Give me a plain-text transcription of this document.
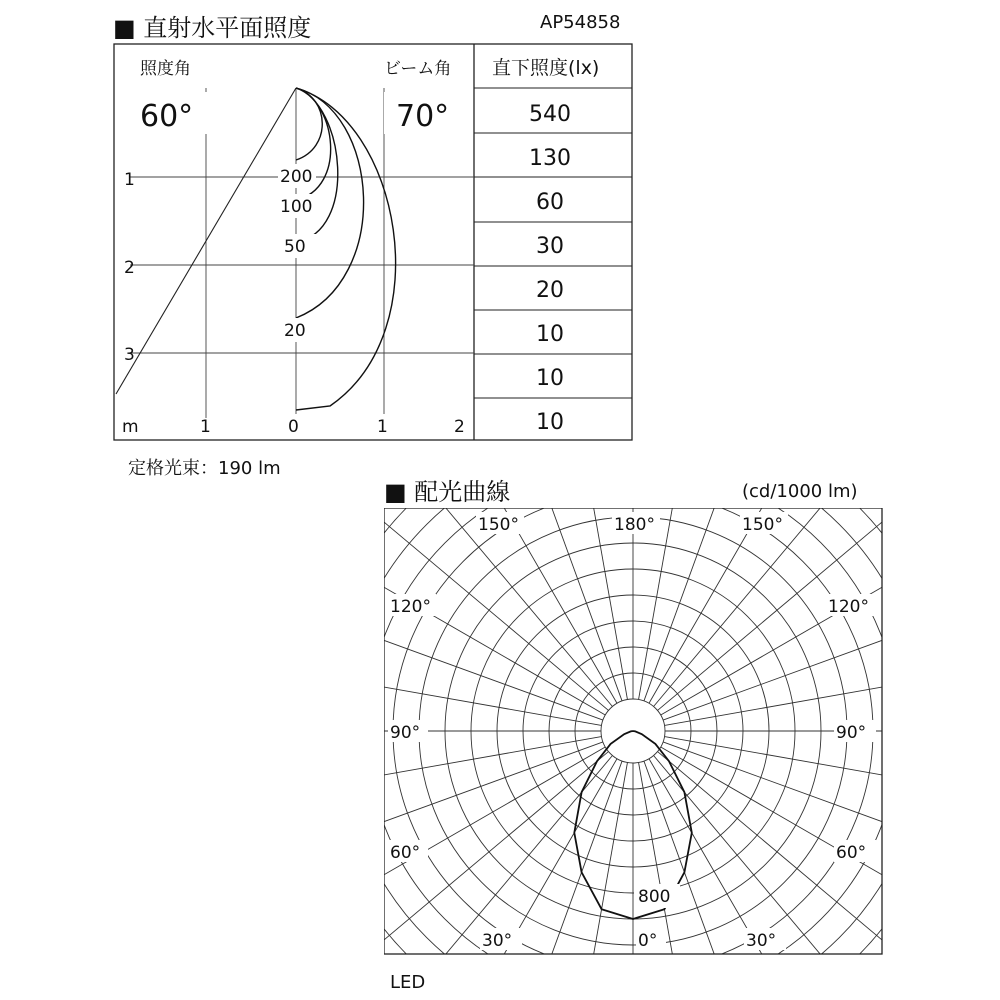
■ 直射水平面照度	AP54858
照度角	ビーム角 直下照度(lx)
60°	70°
1
2
3
m	1	0	1	2
200
100
50
20
540
130
60
30
20
10
10
10
定格光束：190 lm
■ 配光曲線	(cd/1000 lm)
150°	180°	150°
120°	120°
90°	90°
60°	60°
30°	0°	30°
800
LED
